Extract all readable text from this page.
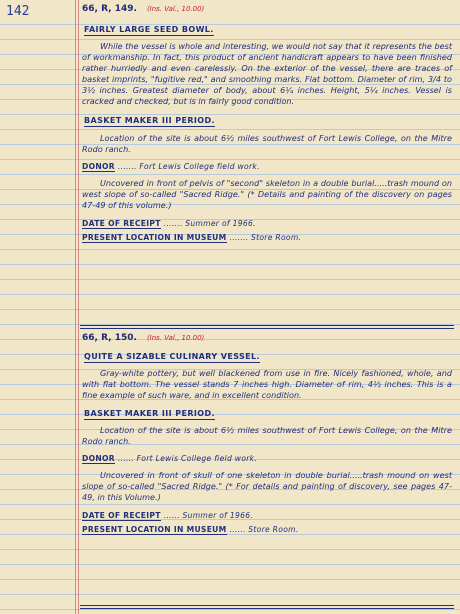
142	66, R, 149. (Ins. Val., 10.00)
FAIRLY LARGE SEED BOWL.

While the vessel is whole and interesting, we would not say that it represents the best of workmanship. In fact, this product of ancient handicraft appears to have been finished rather hurriedly and even carelessly. On the exterior of the vessel, there are traces of basket imprints, "fugitive red," and smoothing marks. Flat bottom. Diameter of rim, 3/4 to 3½ inches. Greatest diameter of body, about 6¼ inches. Height, 5¼ inches. Vessel is cracked and checked, but is in fairly good condition.

BASKET MAKER III PERIOD.

Location of the site is about 6½ miles southwest of Fort Lewis College, on the Mitre Rodo ranch.

DONOR ....... Fort Lewis College field work.

Uncovered in front of pelvis of "second" skeleton in a double burial.....trash mound on west slope of so-called "Sacred Ridge." (* Details and painting of the discovery on pages 47-49 of this volume.)

DATE OF RECEIPT ....... Summer of 1966.
PRESENT LOCATION IN MUSEUM ....... Store Room.
66, R, 150. (Ins. Val., 10.00)
QUITE A SIZABLE CULINARY VESSEL.

Gray-white pottery, but well blackened from use in fire. Nicely fashioned, whole, and with flat bottom. The vessel stands 7 inches high. Diameter of rim, 4½ inches. This is a fine example of such ware, and in excellent condition.

BASKET MAKER III PERIOD.

Location of the site is about 6½ miles southwest of Fort Lewis College, on the Mitre Rodo ranch.

DONOR ...... Fort Lewis College field work.

Uncovered in front of skull of one skeleton in double burial.....trash mound on west slope of so-called "Sacred Ridge." (* For details and painting of discovery, see pages 47-49, in this Volume.)

DATE OF RECEIPT ...... Summer of 1966.
PRESENT LOCATION IN MUSEUM ...... Store Room.
